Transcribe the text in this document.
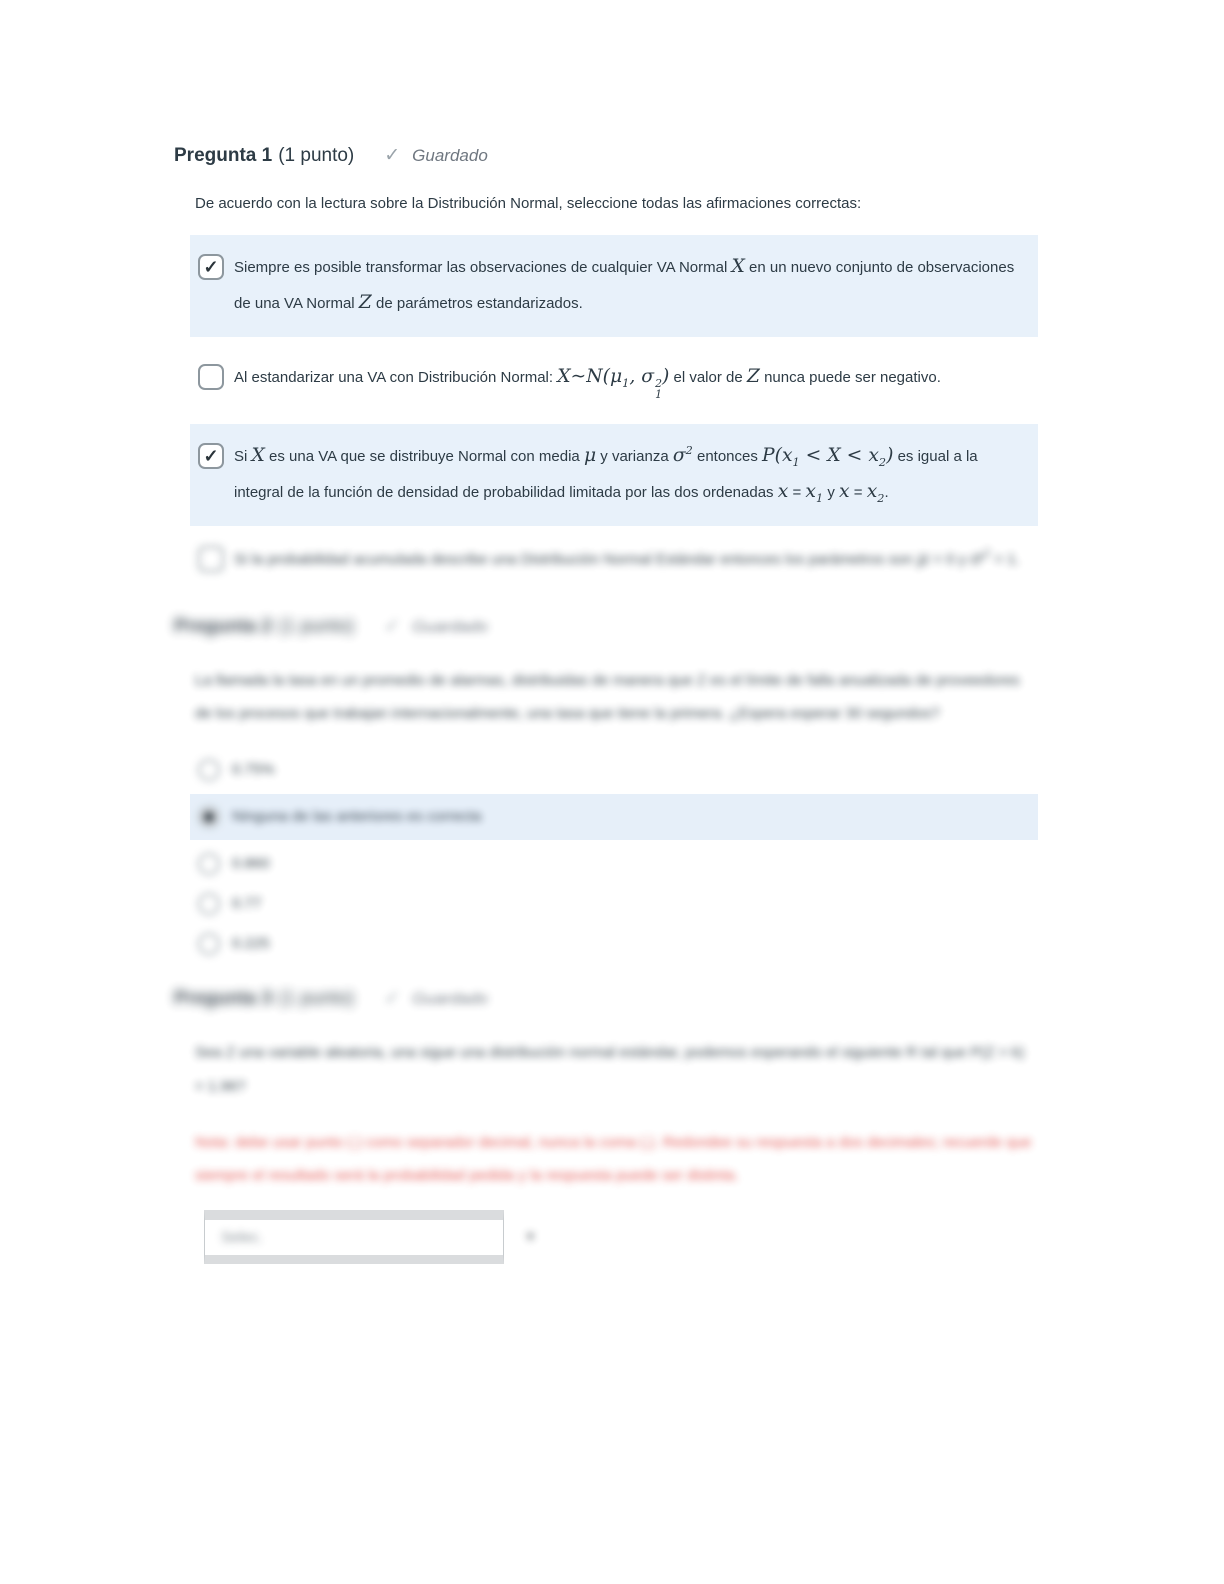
Pregunta 1 (1 punto) ✓ Guardado

De acuerdo con la lectura sobre la Distribución Normal, seleccione todas las afirmaciones correctas:

✓ Siempre es posible transformar las observaciones de cualquier VA Normal X en un nuevo conjunto de observaciones de una VA Normal Z de parámetros estandarizados.
Al estandarizar una VA con Distribución Normal: $X\sim N(\mu_1$, σ 2
1
) el valor de Z nunca puede ser negativo.
✓ Si X es una VA que se distribuye Normal con media μ y varianza $\sigma^2$ entonces $P(x_1 < X < x_2)$ es igual a la integral de la función de densidad de probabilidad limitada por las dos ordenadas $x = x_1$ y $x = x_2$.
Si la probabilidad acumulada describe una Distribución Normal Estándar entonces los parámetros son μ = 0 y $\sigma^2 = 1$.
Pregunta 2 (1 punto) ✓ Guardado

La llamada la tasa en un promedio de alarmas, distribuidas de manera que Z es el límite de falla anualizada de proveedores de los procesos que trabajan internacionalmente, una tasa que tiene la primera. ¿Espera esperar 30 segundos?

0.75%
Ninguna de las anteriores es correcta
0.860
0.77
0.225
Pregunta 3 (1 punto) ✓ Guardado

Sea Z una variable aleatoria, una sigue una distribución normal estándar, podemos esperando el siguiente R tal que P(Z > k) = 1.96?

Nota: debe usar punto (.) como separador decimal, nunca la coma (,). Redondee su respuesta a dos decimales; recuerde que siempre el resultado será la probabilidad pedida y la respuesta puede ser distinta.

Selec.	▼
